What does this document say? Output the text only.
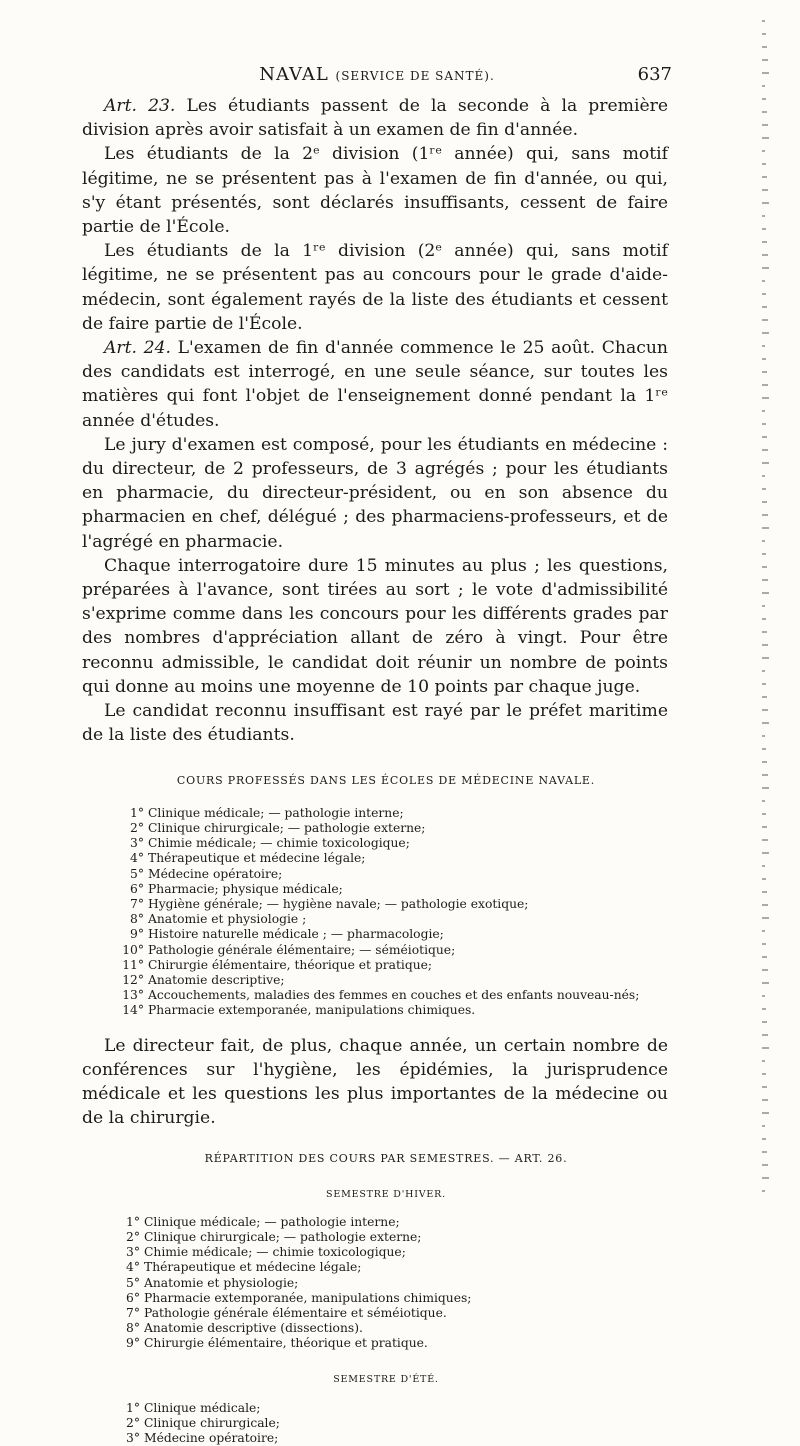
NAVAL (SERVICE DE SANTÉ).	637

Art. 23. Les étudiants passent de la seconde à la première division après avoir satisfait à un examen de fin d'année.

Les étudiants de la 2ᵉ division (1ʳᵉ année) qui, sans motif légitime, ne se présentent pas à l'examen de fin d'année, ou qui, s'y étant présentés, sont déclarés insuffisants, cessent de faire partie de l'École.

Les étudiants de la 1ʳᵉ division (2ᵉ année) qui, sans motif légitime, ne se présentent pas au concours pour le grade d'aide-médecin, sont également rayés de la liste des étudiants et cessent de faire partie de l'École.

Art. 24. L'examen de fin d'année commence le 25 août. Chacun des candidats est interrogé, en une seule séance, sur toutes les matières qui font l'objet de l'enseignement donné pendant la 1ʳᵉ année d'études.

Le jury d'examen est composé, pour les étudiants en médecine : du directeur, de 2 professeurs, de 3 agrégés ; pour les étudiants en pharmacie, du directeur-président, ou en son absence du pharmacien en chef, délégué ; des pharmaciens-professeurs, et de l'agrégé en pharmacie.

Chaque interrogatoire dure 15 minutes au plus ; les questions, préparées à l'avance, sont tirées au sort ; le vote d'admissibilité s'exprime comme dans les concours pour les différents grades par des nombres d'appréciation allant de zéro à vingt. Pour être reconnu admissible, le candidat doit réunir un nombre de points qui donne au moins une moyenne de 10 points par chaque juge.

Le candidat reconnu insuffisant est rayé par le préfet maritime de la liste des étudiants.

COURS PROFESSÉS DANS LES ÉCOLES DE MÉDECINE NAVALE.

1° Clinique médicale; — pathologie interne;
2° Clinique chirurgicale; — pathologie externe;
3° Chimie médicale; — chimie toxicologique;
4° Thérapeutique et médecine légale;
5° Médecine opératoire;
6° Pharmacie; physique médicale;
7° Hygiène générale; — hygiène navale; — pathologie exotique;
8° Anatomie et physiologie ;
9° Histoire naturelle médicale ; — pharmacologie;
10° Pathologie générale élémentaire; — séméiotique;
11° Chirurgie élémentaire, théorique et pratique;
12° Anatomie descriptive;
13° Accouchements, maladies des femmes en couches et des enfants nouveau-nés;
14° Pharmacie extemporanée, manipulations chimiques.

Le directeur fait, de plus, chaque année, un certain nombre de conférences sur l'hygiène, les épidémies, la jurisprudence médicale et les questions les plus importantes de la médecine ou de la chirurgie.

RÉPARTITION DES COURS PAR SEMESTRES. — ART. 26.

SEMESTRE D'HIVER.

1° Clinique médicale; — pathologie interne;
2° Clinique chirurgicale; — pathologie externe;
3° Chimie médicale; — chimie toxicologique;
4° Thérapeutique et médecine légale;
5° Anatomie et physiologie;
6° Pharmacie extemporanée, manipulations chimiques;
7° Pathologie générale élémentaire et séméiotique.
8° Anatomie descriptive (dissections).
9° Chirurgie élémentaire, théorique et pratique.

SEMESTRE D'ÉTÉ.

1° Clinique médicale;
2° Clinique chirurgicale;
3° Médecine opératoire;
